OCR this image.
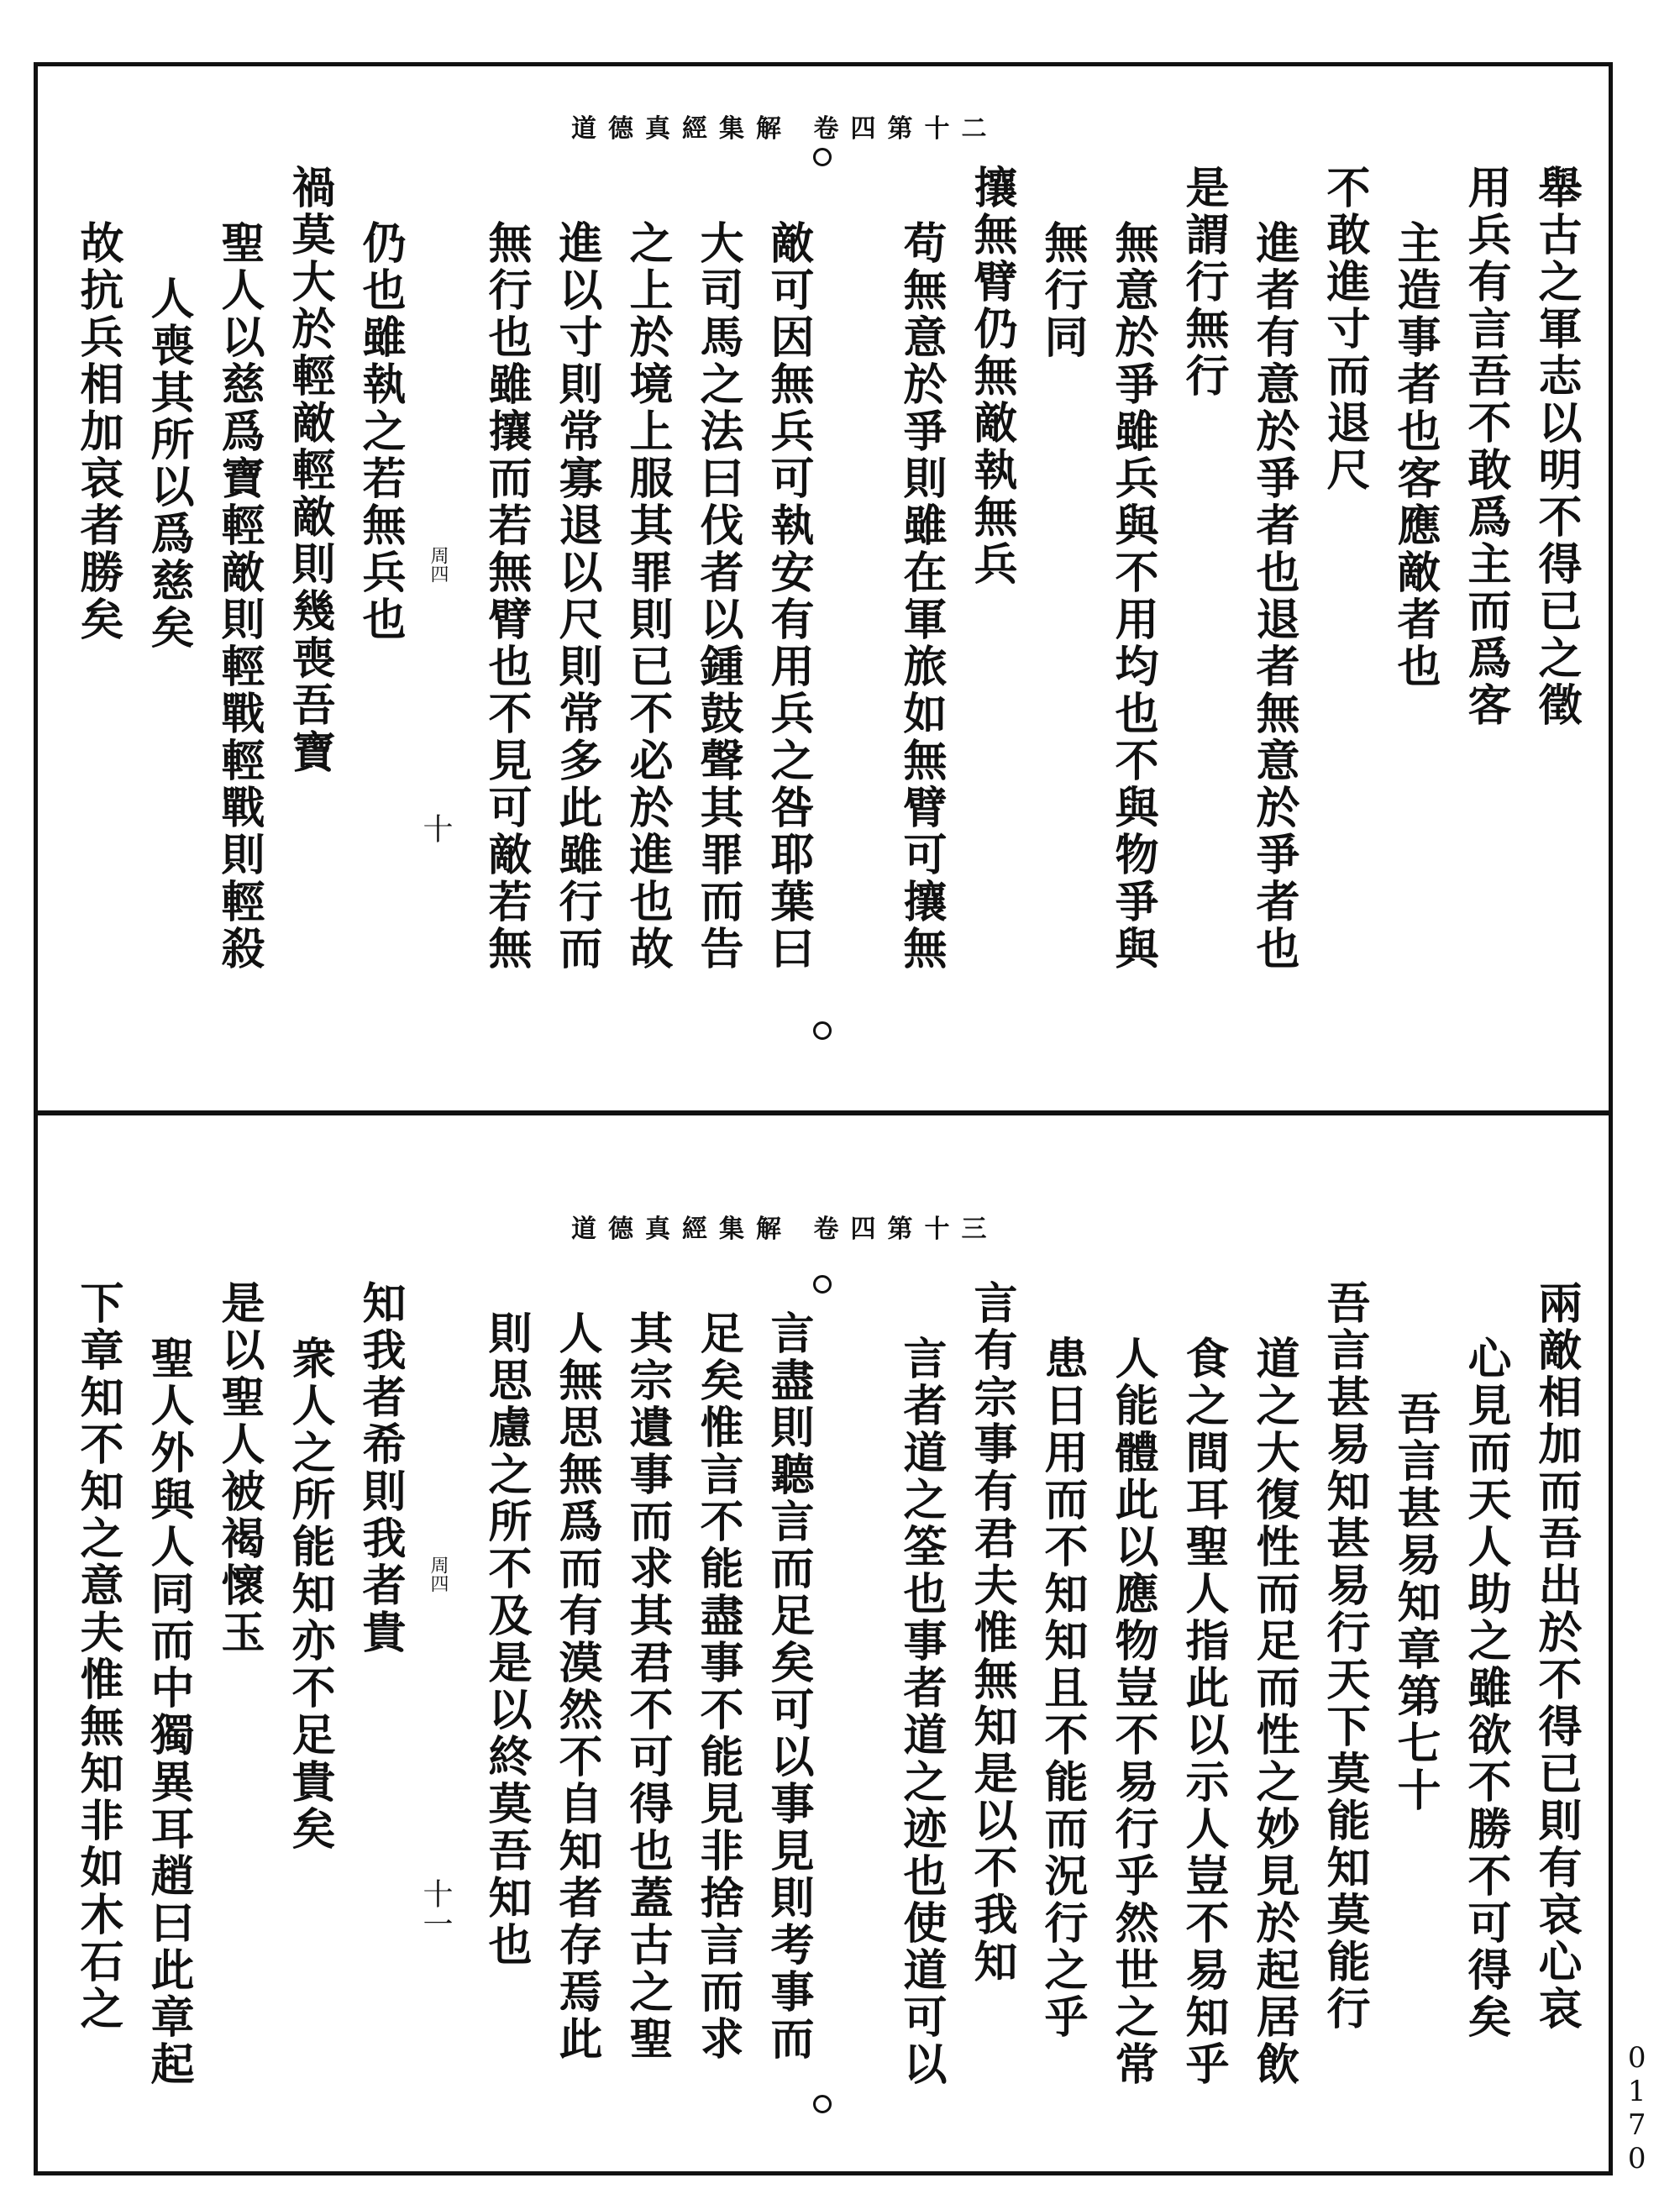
道德真經集解 卷四第十二
舉古之軍志以明不得已之徵
用兵有言吾不敢爲主而爲客
主造事者也客應敵者也
不敢進寸而退尺
進者有意於爭者也退者無意於爭者也
是謂行無行
無意於爭雖兵與不用均也不與物爭與
無行同
攘無臂仍無敵執無兵
苟無意於爭則雖在軍旅如無臂可攘無
敵可因無兵可執安有用兵之咎耶葉曰
大司馬之法曰伐者以鍾鼓聲其罪而告
之上於境上服其罪則已不必於進也故
進以寸則常寡退以尺則常多此雖行而
無行也雖攘而若無臂也不見可敵若無
仍也雖執之若無兵也
禍莫大於輕敵輕敵則幾喪吾寶
聖人以慈爲寶輕敵則輕戰輕戰則輕殺
人喪其所以爲慈矣
故抗兵相加哀者勝矣	周四
十
道德真經集解 卷四第十三
兩敵相加而吾出於不得已則有哀心哀
心見而天人助之雖欲不勝不可得矣
吾言甚易知章第七十
吾言甚易知甚易行天下莫能知莫能行
道之大復性而足而性之妙見於起居飲
食之間耳聖人指此以示人豈不易知乎
人能體此以應物豈不易行乎然世之常
患日用而不知知且不能而況行之乎
言有宗事有君夫惟無知是以不我知
言者道之筌也事者道之迹也使道可以
言盡則聽言而足矣可以事見則考事而
足矣惟言不能盡事不能見非捨言而求
其宗遺事而求其君不可得也蓋古之聖
人無思無爲而有漠然不自知者存焉此
則思慮之所不及是以終莫吾知也
知我者希則我者貴
衆人之所能知亦不足貴矣
是以聖人被褐懷玉
聖人外與人同而中獨異耳趙曰此章起
下章知不知之意夫惟無知非如木石之	周四
十一
0170
